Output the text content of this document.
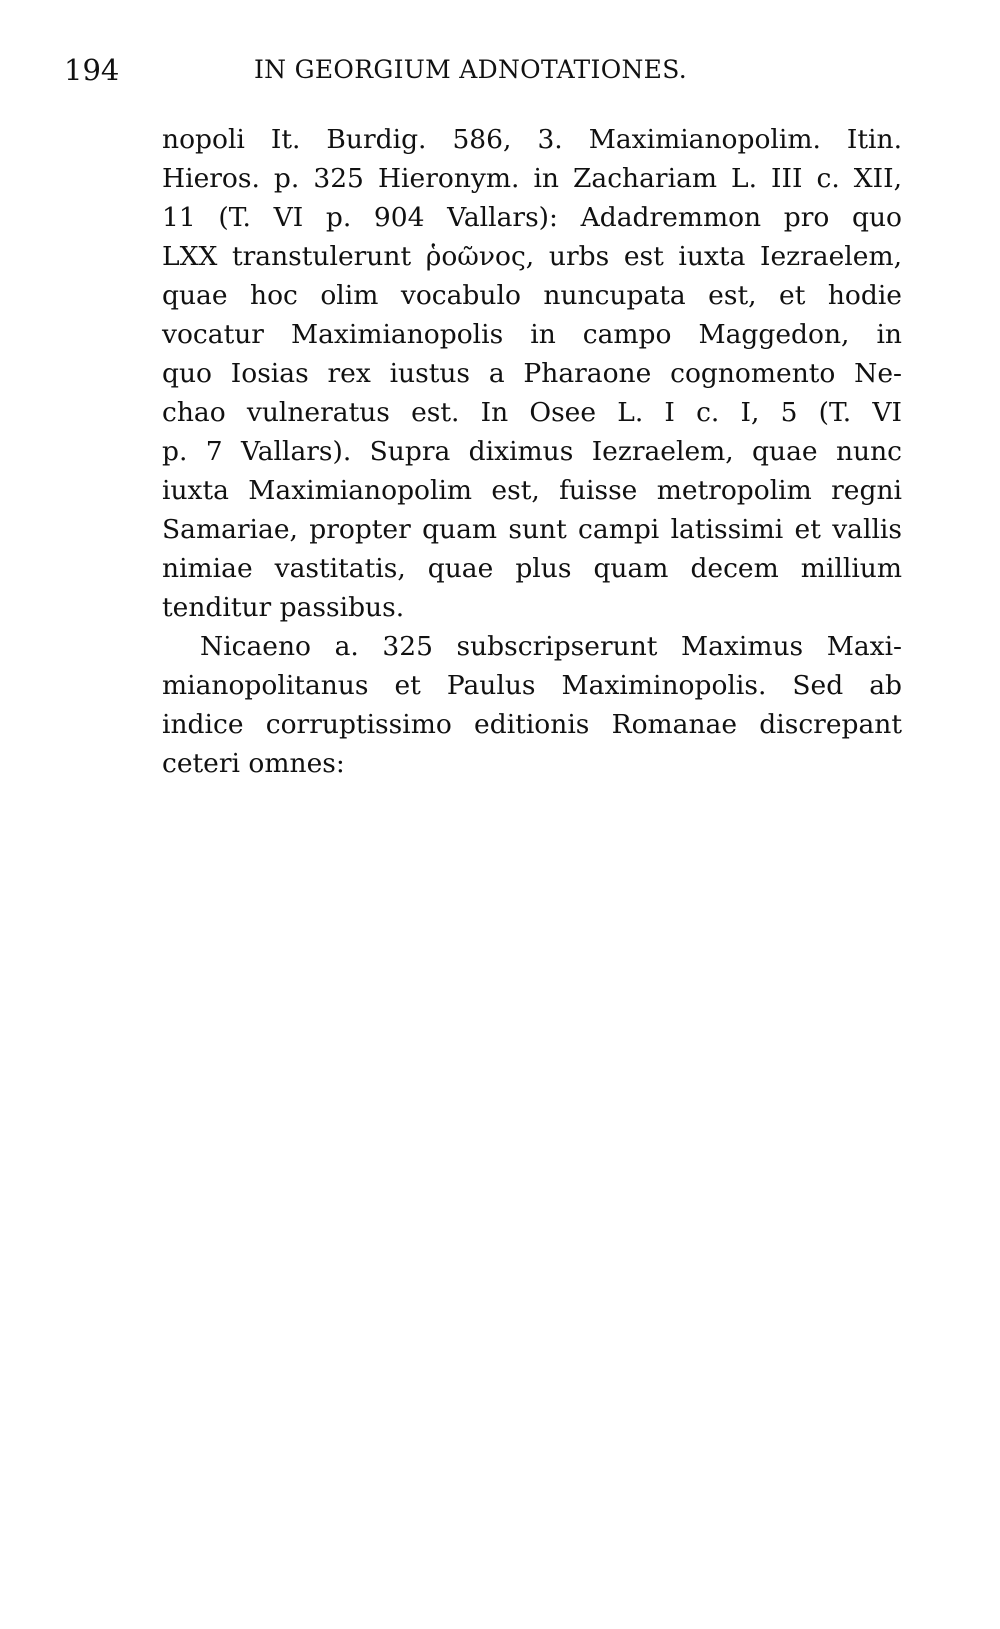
194	IN GEORGIUM ADNOTATIONES.
nopoli It. Burdig. 586, 3. Maximianopolim. Itin.
Hieros. p. 325 Hieronym. in Zachariam L. III c. XII,
11 (T. VI p. 904 Vallars): Adadremmon pro quo
LXX transtulerunt ῥοῶνος, urbs est iuxta Iezraelem,
quae hoc olim vocabulo nuncupata est, et hodie
vocatur Maximianopolis in campo Maggedon, in
quo Iosias rex iustus a Pharaone cognomento Ne-
chao vulneratus est. In Osee L. I c. I, 5 (T. VI
p. 7 Vallars). Supra diximus Iezraelem, quae nunc
iuxta Maximianopolim est, fuisse metropolim regni
Samariae, propter quam sunt campi latissimi et vallis
nimiae vastitatis, quae plus quam decem millium
tenditur passibus.
Nicaeno a. 325 subscripserunt Maximus Maxi-
mianopolitanus et Paulus Maximinopolis. Sed ab
indice corruptissimo editionis Romanae discrepant
ceteri omnes:
